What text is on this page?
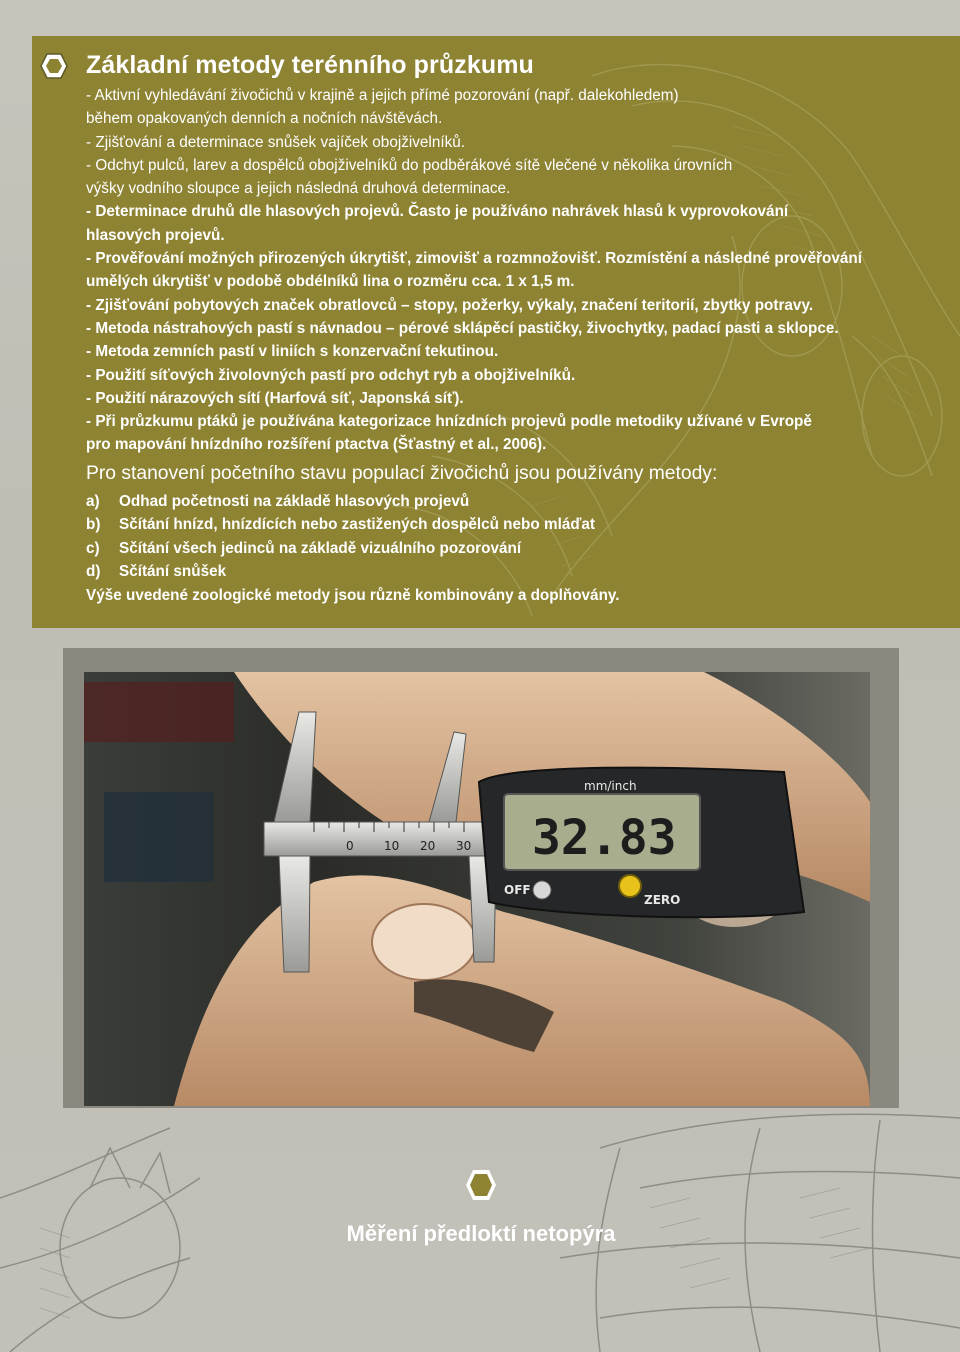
Základní metody terénního průzkumu

- Aktivní vyhledávání živočichů v krajině a jejich přímé pozorování (např. dalekohledem)

během opakovaných denních a nočních návštěvách.

- Zjišťování a determinace snůšek vajíček obojživelníků.

- Odchyt pulců, larev a dospělců obojživelníků do podběrákové sítě vlečené v několika úrovních

výšky vodního sloupce a jejich následná druhová determinace.

- Determinace druhů dle hlasových projevů. Často je používáno nahrávek hlasů k vyprovokování

hlasových projevů.

- Prověřování možných přirozených úkrytišť, zimovišť a rozmnožovišť. Rozmístění a následné prověřování

umělých úkrytišť v podobě obdélníků lina o rozměru cca. 1 x 1,5 m.

- Zjišťování pobytových značek obratlovců – stopy, požerky, výkaly, značení teritorií, zbytky potravy.

- Metoda nástrahových pastí s návnadou – pérové sklápěcí pastičky, živochytky, padací pasti a sklopce.

- Metoda zemních pastí v liniích s konzervační tekutinou.

- Použití síťových živolovných pastí pro odchyt ryb a obojživelníků.

- Použití nárazových sítí (Harfová síť, Japonská síť).

- Při průzkumu ptáků je používána kategorizace hnízdních projevů podle metodiky užívané v Evropě

pro mapování hnízdního rozšíření ptactva (Šťastný et al., 2006).

Pro stanovení početního stavu populací živočichů jsou používány metody:
a) Odhad početnosti na základě hlasových projevů
b) Sčítání hnízd, hnízdících nebo zastižených dospělců nebo mláďat
c) Sčítání všech jedinců na základě vizuálního pozorování
d) Sčítání snůšek

Výše uvedené zoologické metody jsou různě kombinovány a doplňovány.

0	10 20 30
mm/inch
32.83
OFF
ZERO
Měření předloktí netopýra
